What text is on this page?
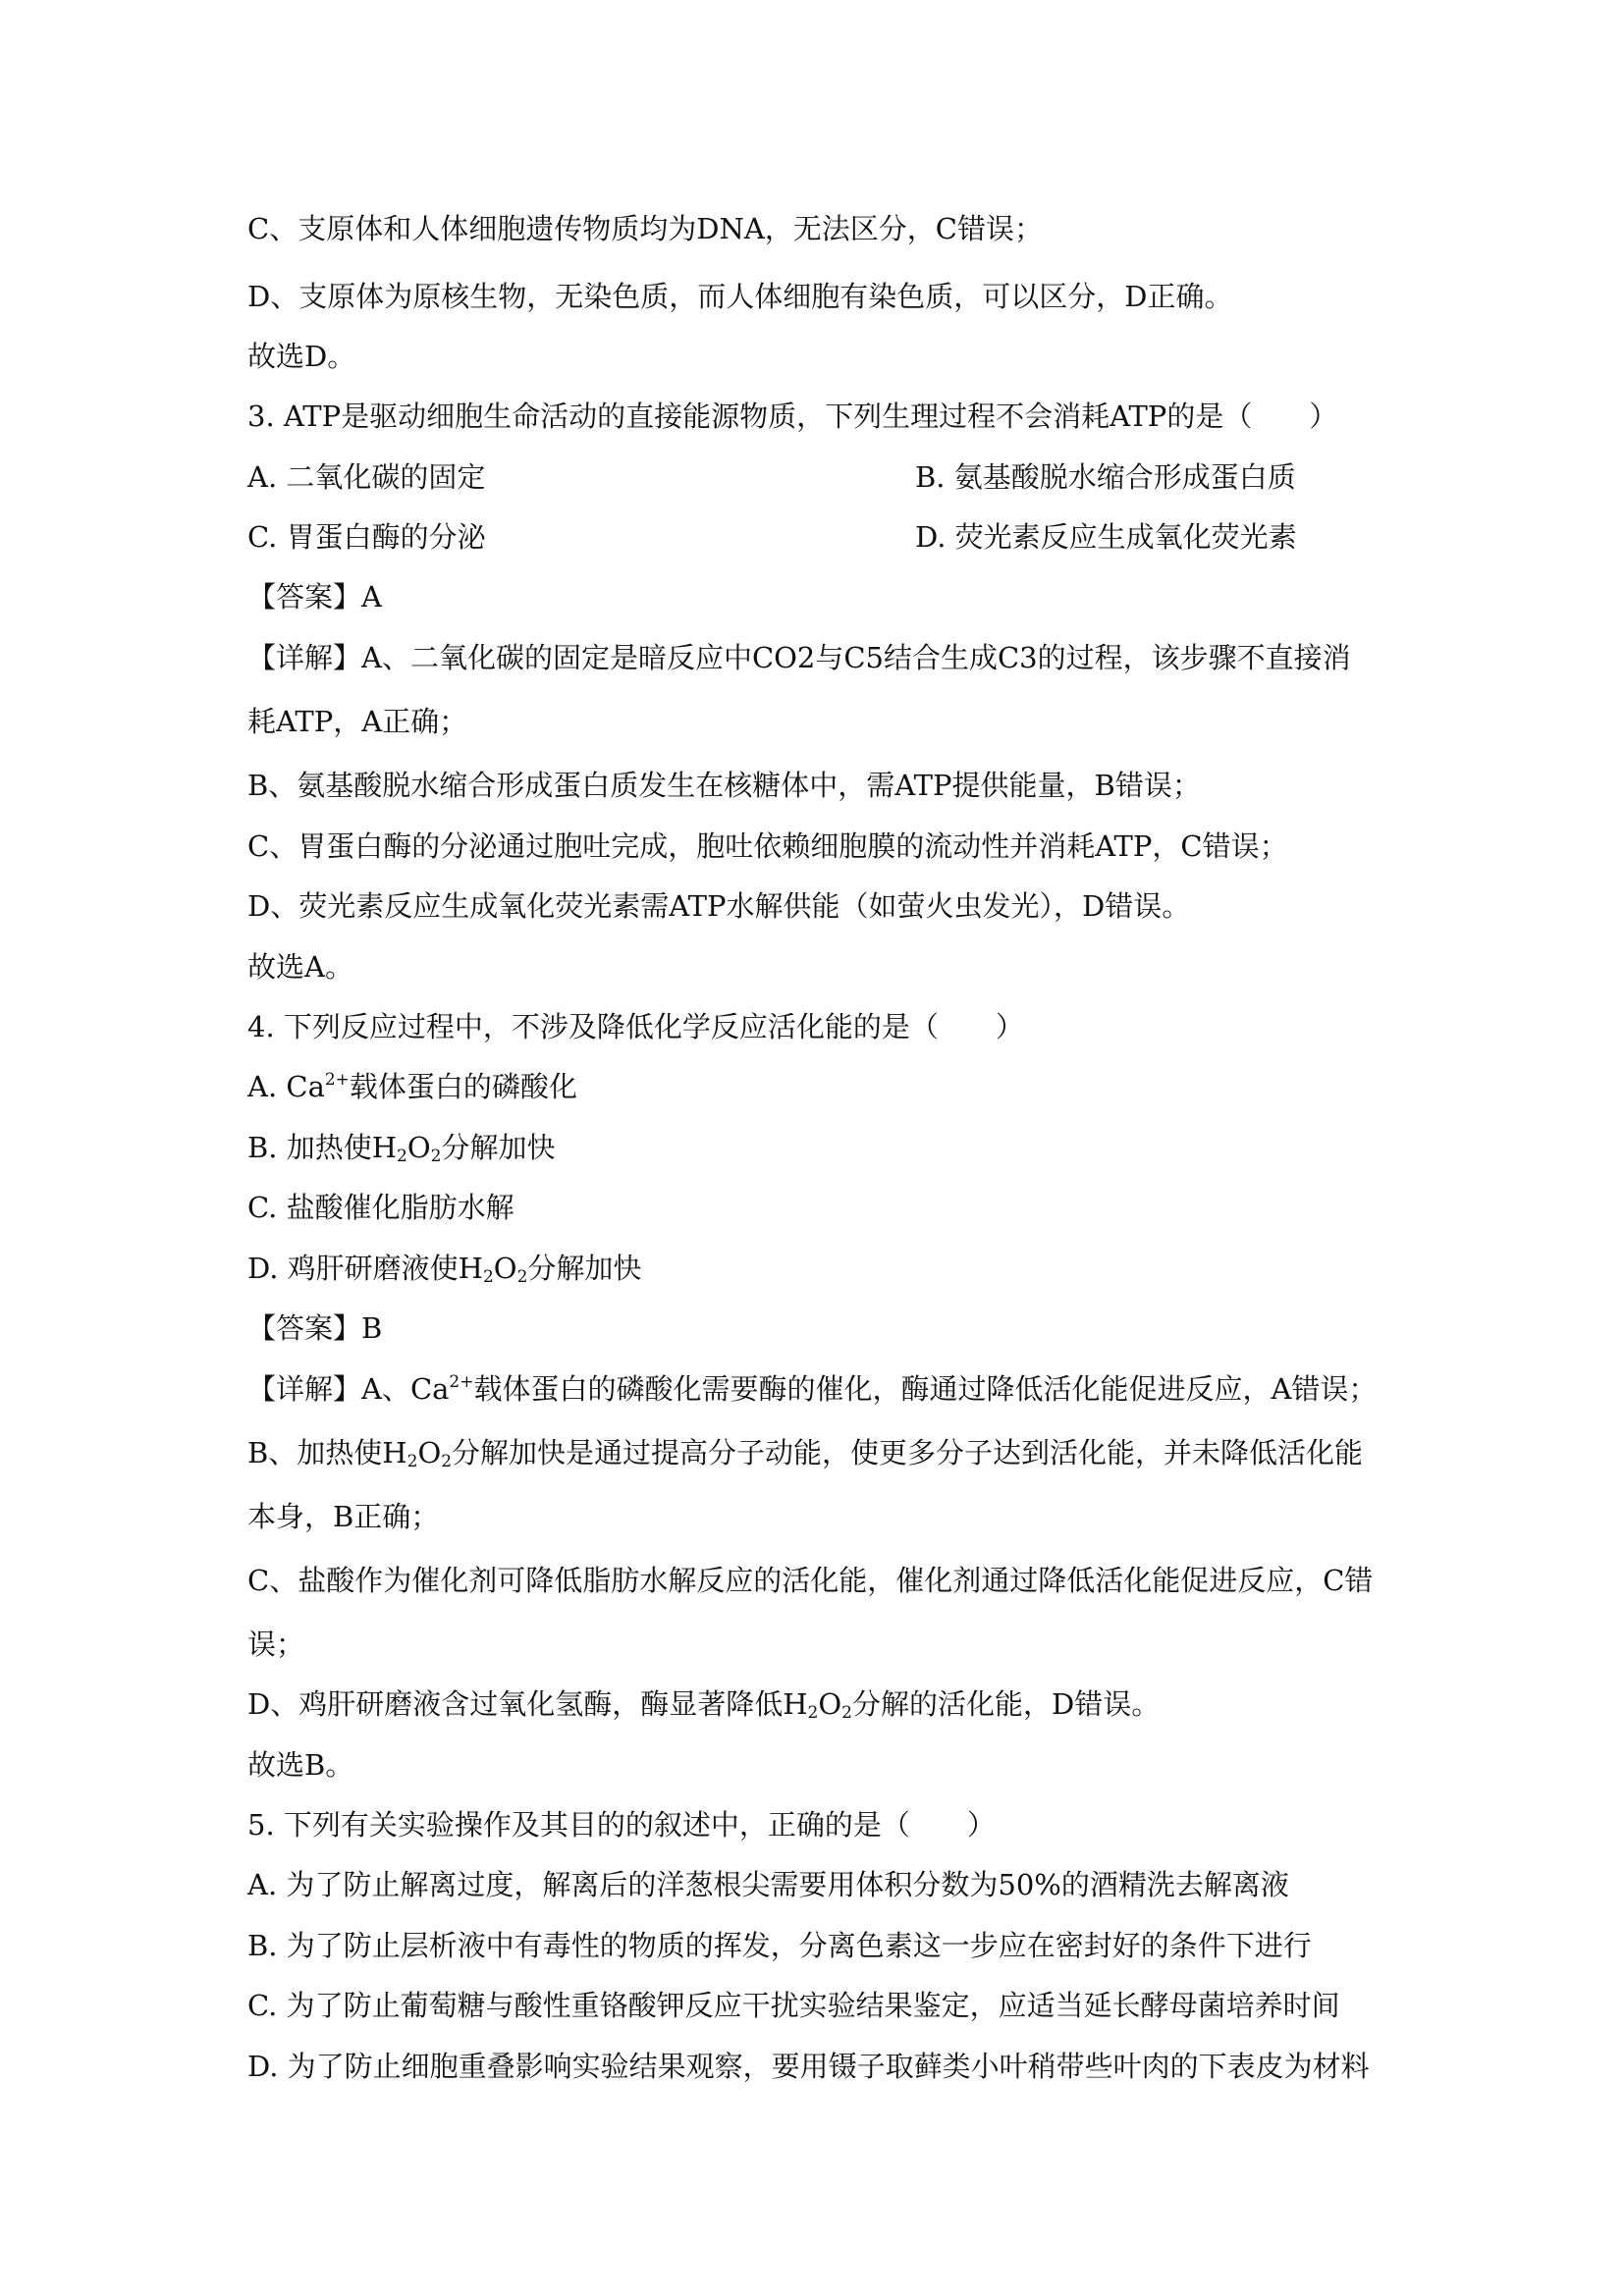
C、支原体和人体细胞遗传物质均为DNA，无法区分，C错误；
D、支原体为原核生物，无染色质，而人体细胞有染色质，可以区分，D正确。
故选D。
3. ATP是驱动细胞生命活动的直接能源物质，下列生理过程不会消耗ATP的是（　　）
A. 二氧化碳的固定	B. 氨基酸脱水缩合形成蛋白质
C. 胃蛋白酶的分泌	D. 荧光素反应生成氧化荧光素
【答案】A
【详解】A、二氧化碳的固定是暗反应中CO2与C5结合生成C3的过程，该步骤不直接消
耗ATP，A正确；
B、氨基酸脱水缩合形成蛋白质发生在核糖体中，需ATP提供能量，B错误；
C、胃蛋白酶的分泌通过胞吐完成，胞吐依赖细胞膜的流动性并消耗ATP，C错误；
D、荧光素反应生成氧化荧光素需ATP水解供能（如萤火虫发光），D错误。
故选A。
4. 下列反应过程中，不涉及降低化学反应活化能的是（　　）
A. $Ca^{2+}$载体蛋白的磷酸化
B. 加热使$H_2O_2$分解加快
C. 盐酸催化脂肪水解
D. 鸡肝研磨液使$H_2O_2$分解加快
【答案】B
【详解】A、$Ca^{2+}$载体蛋白的磷酸化需要酶的催化，酶通过降低活化能促进反应，A错误；
B、加热使$H_2O_2$分解加快是通过提高分子动能，使更多分子达到活化能，并未降低活化能
本身，B正确；
C、盐酸作为催化剂可降低脂肪水解反应的活化能，催化剂通过降低活化能促进反应，C错
误；
D、鸡肝研磨液含过氧化氢酶，酶显著降低$H_2O_2$分解的活化能，D错误。
故选B。
5. 下列有关实验操作及其目的的叙述中，正确的是（　　）
A. 为了防止解离过度，解离后的洋葱根尖需要用体积分数为50%的酒精洗去解离液
B. 为了防止层析液中有毒性的物质的挥发，分离色素这一步应在密封好的条件下进行
C. 为了防止葡萄糖与酸性重铬酸钾反应干扰实验结果鉴定，应适当延长酵母菌培养时间
D. 为了防止细胞重叠影响实验结果观察，要用镊子取藓类小叶稍带些叶肉的下表皮为材料
